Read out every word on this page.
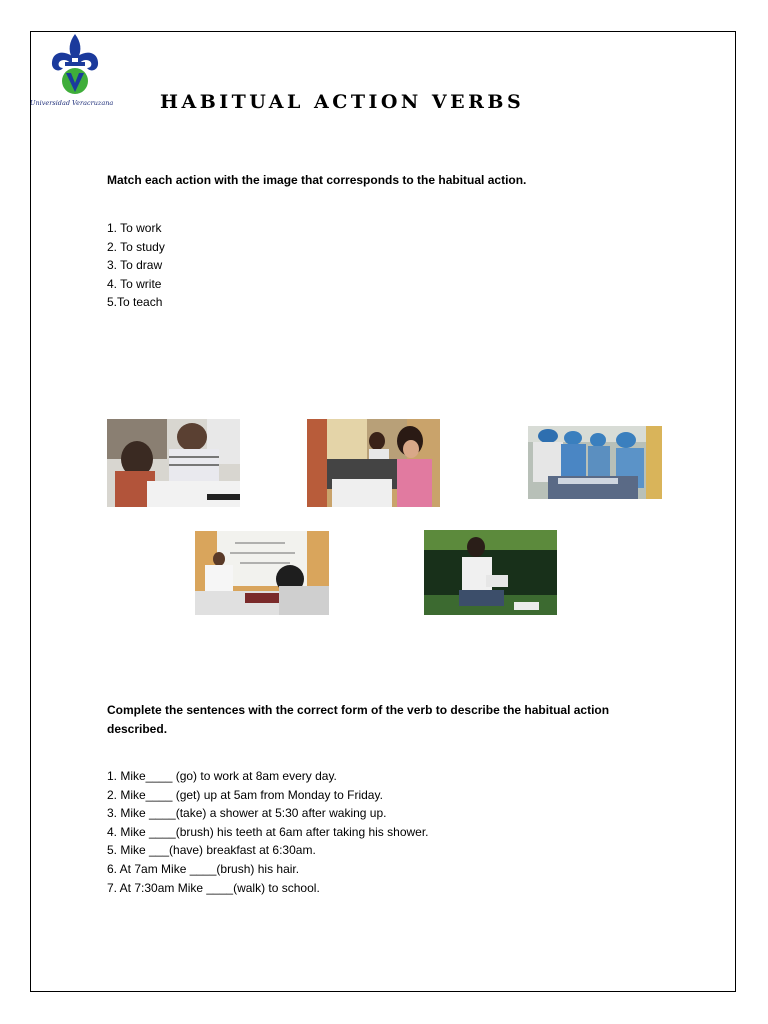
Universidad Veracruzana HABITUAL ACTION VERBS
Match each action with the image that corresponds to the habitual action.
1. To work
2. To study
3. To draw
4. To write
5.To teach
Complete the sentences with the correct form of the verb to describe the habitual action described.
1. Mike____ (go) to work at 8am every day.
2. Mike____ (get) up at 5am from Monday to Friday.
3. Mike ____(take) a shower at 5:30 after waking up.
4. Mike ____(brush) his teeth at 6am after taking his shower.
5. Mike ___(have) breakfast at 6:30am.
6. At 7am Mike ____(brush) his hair.
7. At 7:30am Mike ____(walk) to school.
